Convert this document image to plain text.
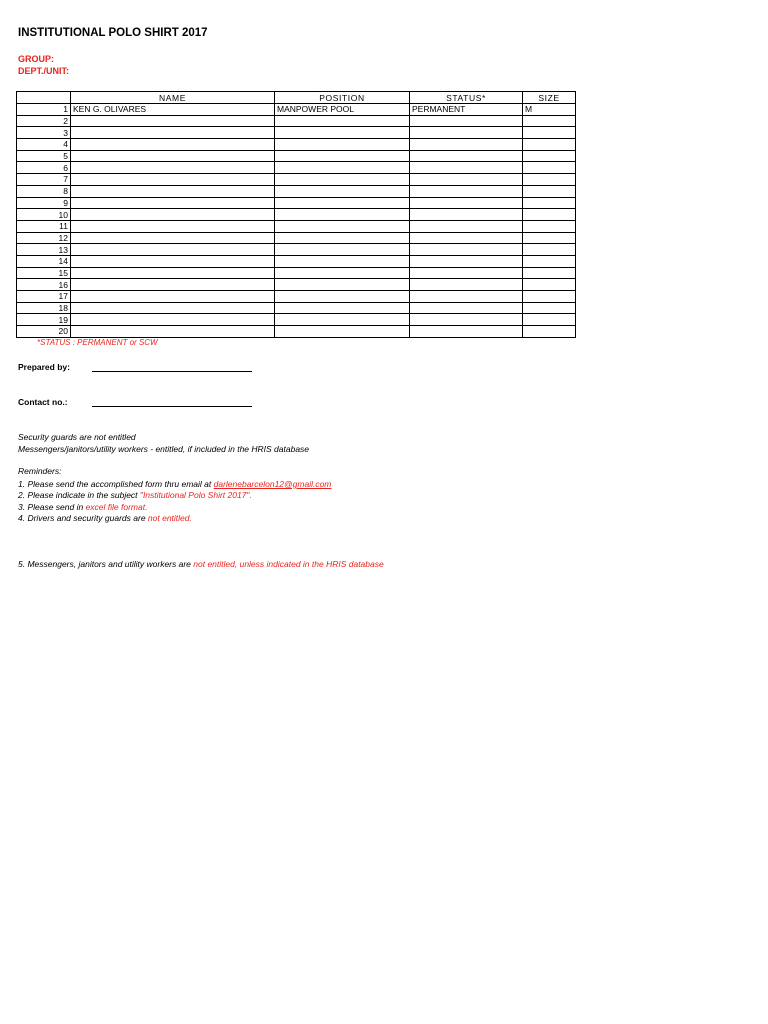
INSTITUTIONAL POLO SHIRT 2017
GROUP:
DEPT./UNIT:
	NAME	POSITION	STATUS*	SIZE
1	KEN G. OLIVARES	MANPOWER POOL	PERMANENT	M
2				
3				
4				
5				
6				
7				
8				
9				
10				
11				
12				
13				
14				
15				
16				
17				
18				
19				
20				
*STATUS : PERMANENT or SCW
Prepared by:
Contact no.:
Security guards are not entitled
Messengers/janitors/utility workers - entitled, if included in the HRIS database
Reminders:
1. Please send the accomplished form thru email at darlenebarcelon12@gmail.com
2. Please indicate in the subject "Institutional Polo Shirt 2017".
3. Please send in excel file format.
4. Drivers and security guards are not entitled.
5. Messengers, janitors and utility workers are not entitled, unless indicated in the HRIS database
